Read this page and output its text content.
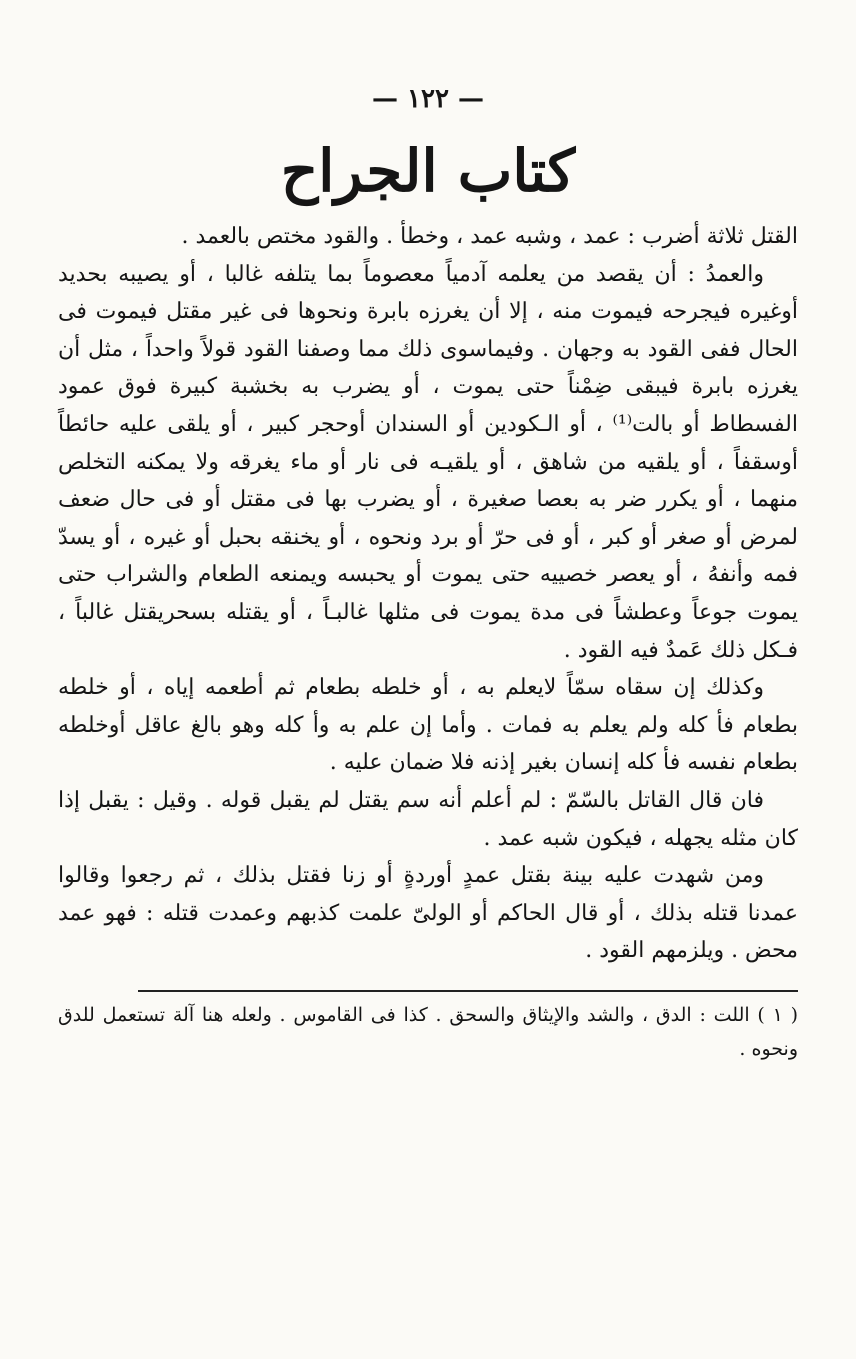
— ١٢٢ —
كتاب الجراح

القتل ثلاثة أضرب : عمد ، وشبه عمد ، وخطأ . والقود مختص بالعمد .

والعمدُ : أن يقصد من يعلمه آدمياً معصوماً بما يتلفه غالبا ، أو يصيبه بحديد أوغيره فيجرحه فيموت منه ، إلا أن يغرزه بابرة ونحوها فى غير مقتل فيموت فى الحال ففى القود به وجهان . وفيماسوى ذلك مما وصفنا القود قولاً واحداً ، مثل أن يغرزه بابرة فيبقى ضِمْناً حتى يموت ، أو يضرب به بخشبة كبيرة فوق عمود الفسطاط أو بالت⁽¹⁾ ، أو الـكودين أو السندان أوحجر كبير ، أو يلقى عليه حائطاً أوسقفاً ، أو يلقيه من شاهق ، أو يلقيـه فى نار أو ماء يغرقه ولا يمكنه التخلص منهما ، أو يكرر ضر به بعصا صغيرة ، أو يضرب بها فى مقتل أو فى حال ضعف لمرض أو صغر أو كبر ، أو فى حرّ أو برد ونحوه ، أو يخنقه بحبل أو غيره ، أو يسدّ فمه وأنفهُ ، أو يعصر خصييه حتى يموت أو يحبسه ويمنعه الطعام والشراب حتى يموت جوعاً وعطشاً فى مدة يموت فى مثلها غالبـاً ، أو يقتله بسحريقتل غالباً ، فـكل ذلك عَمدٌ فيه القود .

وكذلك إن سقاه سمّاً لايعلم به ، أو خلطه بطعام ثم أطعمه إياه ، أو خلطه بطعام فأ كله ولم يعلم به فمات . وأما إن علم به وأ كله وهو بالغ عاقل أوخلطه بطعام نفسه فأ كله إنسان بغير إذنه فلا ضمان عليه .

فان قال القاتل بالسّمّ : لم أعلم أنه سم يقتل لم يقبل قوله . وقيل : يقبل إذا كان مثله يجهله ، فيكون شبه عمد .

ومن شهدت عليه بينة بقتل عمدٍ أوردةٍ أو زنا فقتل بذلك ، ثم رجعوا وقالوا عمدنا قتله بذلك ، أو قال الحاكم أو الولىّ علمت كذبهم وعمدت قتله : فهو عمد محض . ويلزمهم القود .

( ١ ) اللت : الدق ، والشد والإيثاق والسحق . كذا فى القاموس . ولعله هنا آلة تستعمل للدق ونحوه .
